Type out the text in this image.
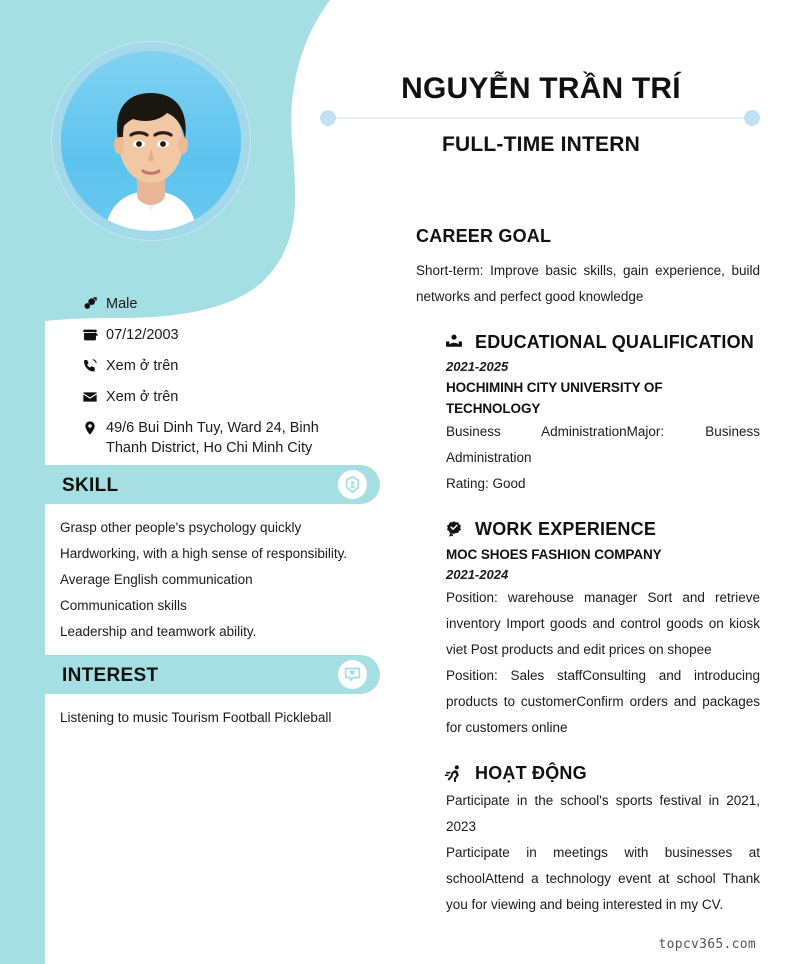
NGUYỄN TRẦN TRÍ
FULL-TIME INTERN
Male
07/12/2003
Xem ở trên
Xem ở trên
49/6 Bui Dinh Tuy, Ward 24, Binh Thanh District, Ho Chi Minh City
SKILL
Grasp other people's psychology quickly
Hardworking, with a high sense of responsibility.
Average English communication
Communication skills
Leadership and teamwork ability.
INTEREST
Listening to music Tourism Football Pickleball
CAREER GOAL

Short-term: Improve basic skills, gain experience, build networks and perfect good knowledge

EDUCATIONAL QUALIFICATION
2021-2025
HOCHIMINH CITY UNIVERSITY OF TECHNOLOGY

Business AdministrationMajor: Business Administration

Rating: Good

WORK EXPERIENCE
MOC SHOES FASHION COMPANY
2021-2024

Position: warehouse manager Sort and retrieve inventory Import goods and control goods on kiosk viet Post products and edit prices on shopee

Position: Sales staffConsulting and introducing products to customerConfirm orders and packages for customers online

HOẠT ĐỘNG

Participate in the school's sports festival in 2021, 2023

Participate in meetings with businesses at schoolAttend a technology event at school Thank you for viewing and being interested in my CV.

topcv365.com
